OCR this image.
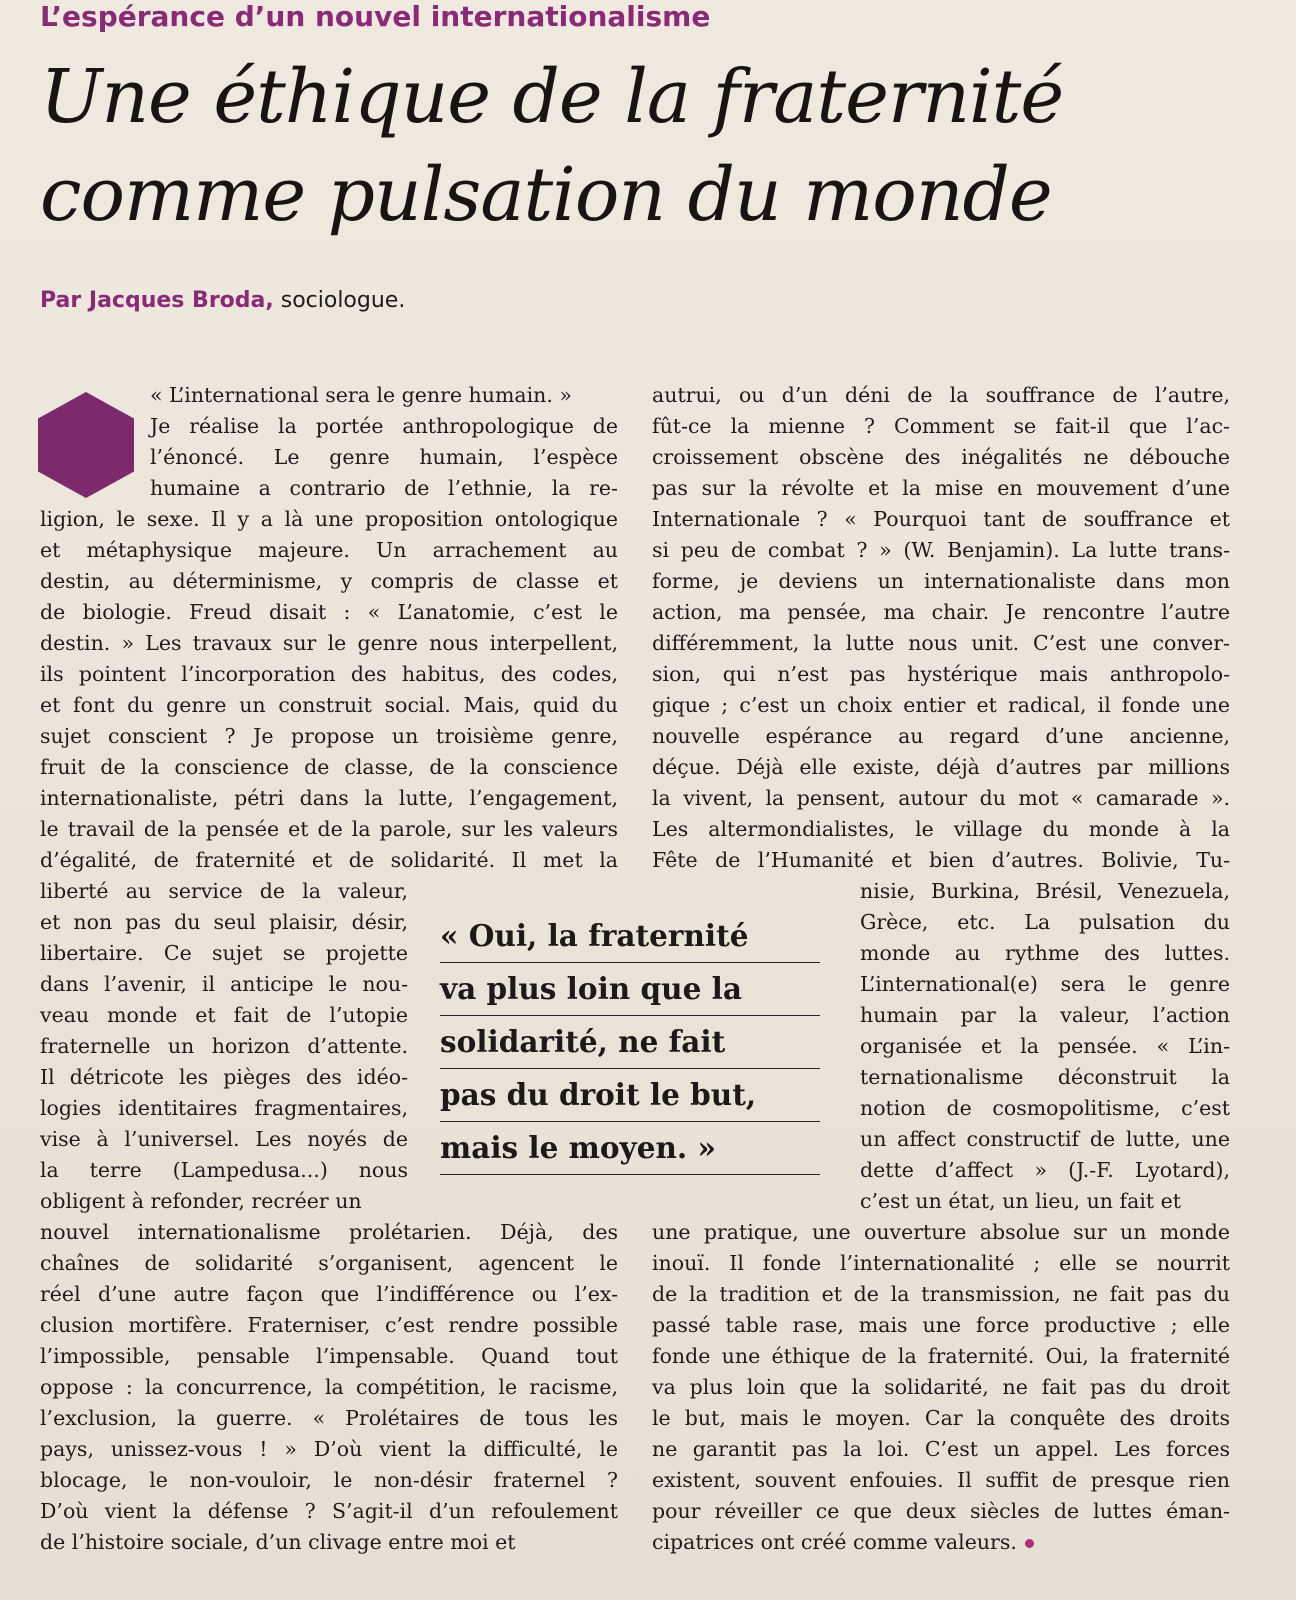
L’espérance d’un nouvel internationalisme
Une éthique de la fraternité
comme pulsation du monde

Par Jacques Broda, sociologue.

« L’international sera le genre humain. »
Je réalise la portée anthropologique de
l’énoncé. Le genre humain, l’espèce
humaine a contrario de l’ethnie, la re-
ligion, le sexe. Il y a là une proposition ontologique
et métaphysique majeure. Un arrachement au
destin, au déterminisme, y compris de classe et
de biologie. Freud disait : « L’anatomie, c’est le
destin. » Les travaux sur le genre nous interpellent,
ils pointent l’incorporation des habitus, des codes,
et font du genre un construit social. Mais, quid du
sujet conscient ? Je propose un troisième genre,
fruit de la conscience de classe, de la conscience
internationaliste, pétri dans la lutte, l’engagement,
le travail de la pensée et de la parole, sur les valeurs
d’égalité, de fraternité et de solidarité. Il met la
liberté au service de la valeur,
et non pas du seul plaisir, désir,
libertaire. Ce sujet se projette
dans l’avenir, il anticipe le nou-
veau monde et fait de l’utopie
fraternelle un horizon d’attente.
Il détricote les pièges des idéo-
logies identitaires fragmentaires,
vise à l’universel. Les noyés de
la terre (Lampedusa...) nous
obligent à refonder, recréer un
nouvel internationalisme prolétarien. Déjà, des
chaînes de solidarité s’organisent, agencent le
réel d’une autre façon que l’indifférence ou l’ex-
clusion mortifère. Fraterniser, c’est rendre possible
l’impossible, pensable l’impensable. Quand tout
oppose : la concurrence, la compétition, le racisme,
l’exclusion, la guerre. « Prolétaires de tous les
pays, unissez-vous ! » D’où vient la difficulté, le
blocage, le non-vouloir, le non-désir fraternel ?
D’où vient la défense ? S’agit-il d’un refoulement
de l’histoire sociale, d’un clivage entre moi et
autrui, ou d’un déni de la souffrance de l’autre,
fût-ce la mienne ? Comment se fait-il que l’ac-
croissement obscène des inégalités ne débouche
pas sur la révolte et la mise en mouvement d’une
Internationale ? « Pourquoi tant de souffrance et
si peu de combat ? » (W. Benjamin). La lutte trans-
forme, je deviens un internationaliste dans mon
action, ma pensée, ma chair. Je rencontre l’autre
différemment, la lutte nous unit. C’est une conver-
sion, qui n’est pas hystérique mais anthropolo-
gique ; c’est un choix entier et radical, il fonde une
nouvelle espérance au regard d’une ancienne,
déçue. Déjà elle existe, déjà d’autres par millions
la vivent, la pensent, autour du mot « camarade ».
Les altermondialistes, le village du monde à la
Fête de l’Humanité et bien d’autres. Bolivie, Tu-
nisie, Burkina, Brésil, Venezuela,
Grèce, etc. La pulsation du
monde au rythme des luttes.
L’international(e) sera le genre
humain par la valeur, l’action
organisée et la pensée. « L’in-
ternationalisme déconstruit la
notion de cosmopolitisme, c’est
un affect constructif de lutte, une
dette d’affect » (J.-F. Lyotard),
c’est un état, un lieu, un fait et
une pratique, une ouverture absolue sur un monde
inouï. Il fonde l’internationalité ; elle se nourrit
de la tradition et de la transmission, ne fait pas du
passé table rase, mais une force productive ; elle
fonde une éthique de la fraternité. Oui, la fraternité
va plus loin que la solidarité, ne fait pas du droit
le but, mais le moyen. Car la conquête des droits
ne garantit pas la loi. C’est un appel. Les forces
existent, souvent enfouies. Il suffit de presque rien
pour réveiller ce que deux siècles de luttes éman-
cipatrices ont créé comme valeurs.
« Oui, la fraternité
va plus loin que la
solidarité, ne fait
pas du droit le but,
mais le moyen. »
